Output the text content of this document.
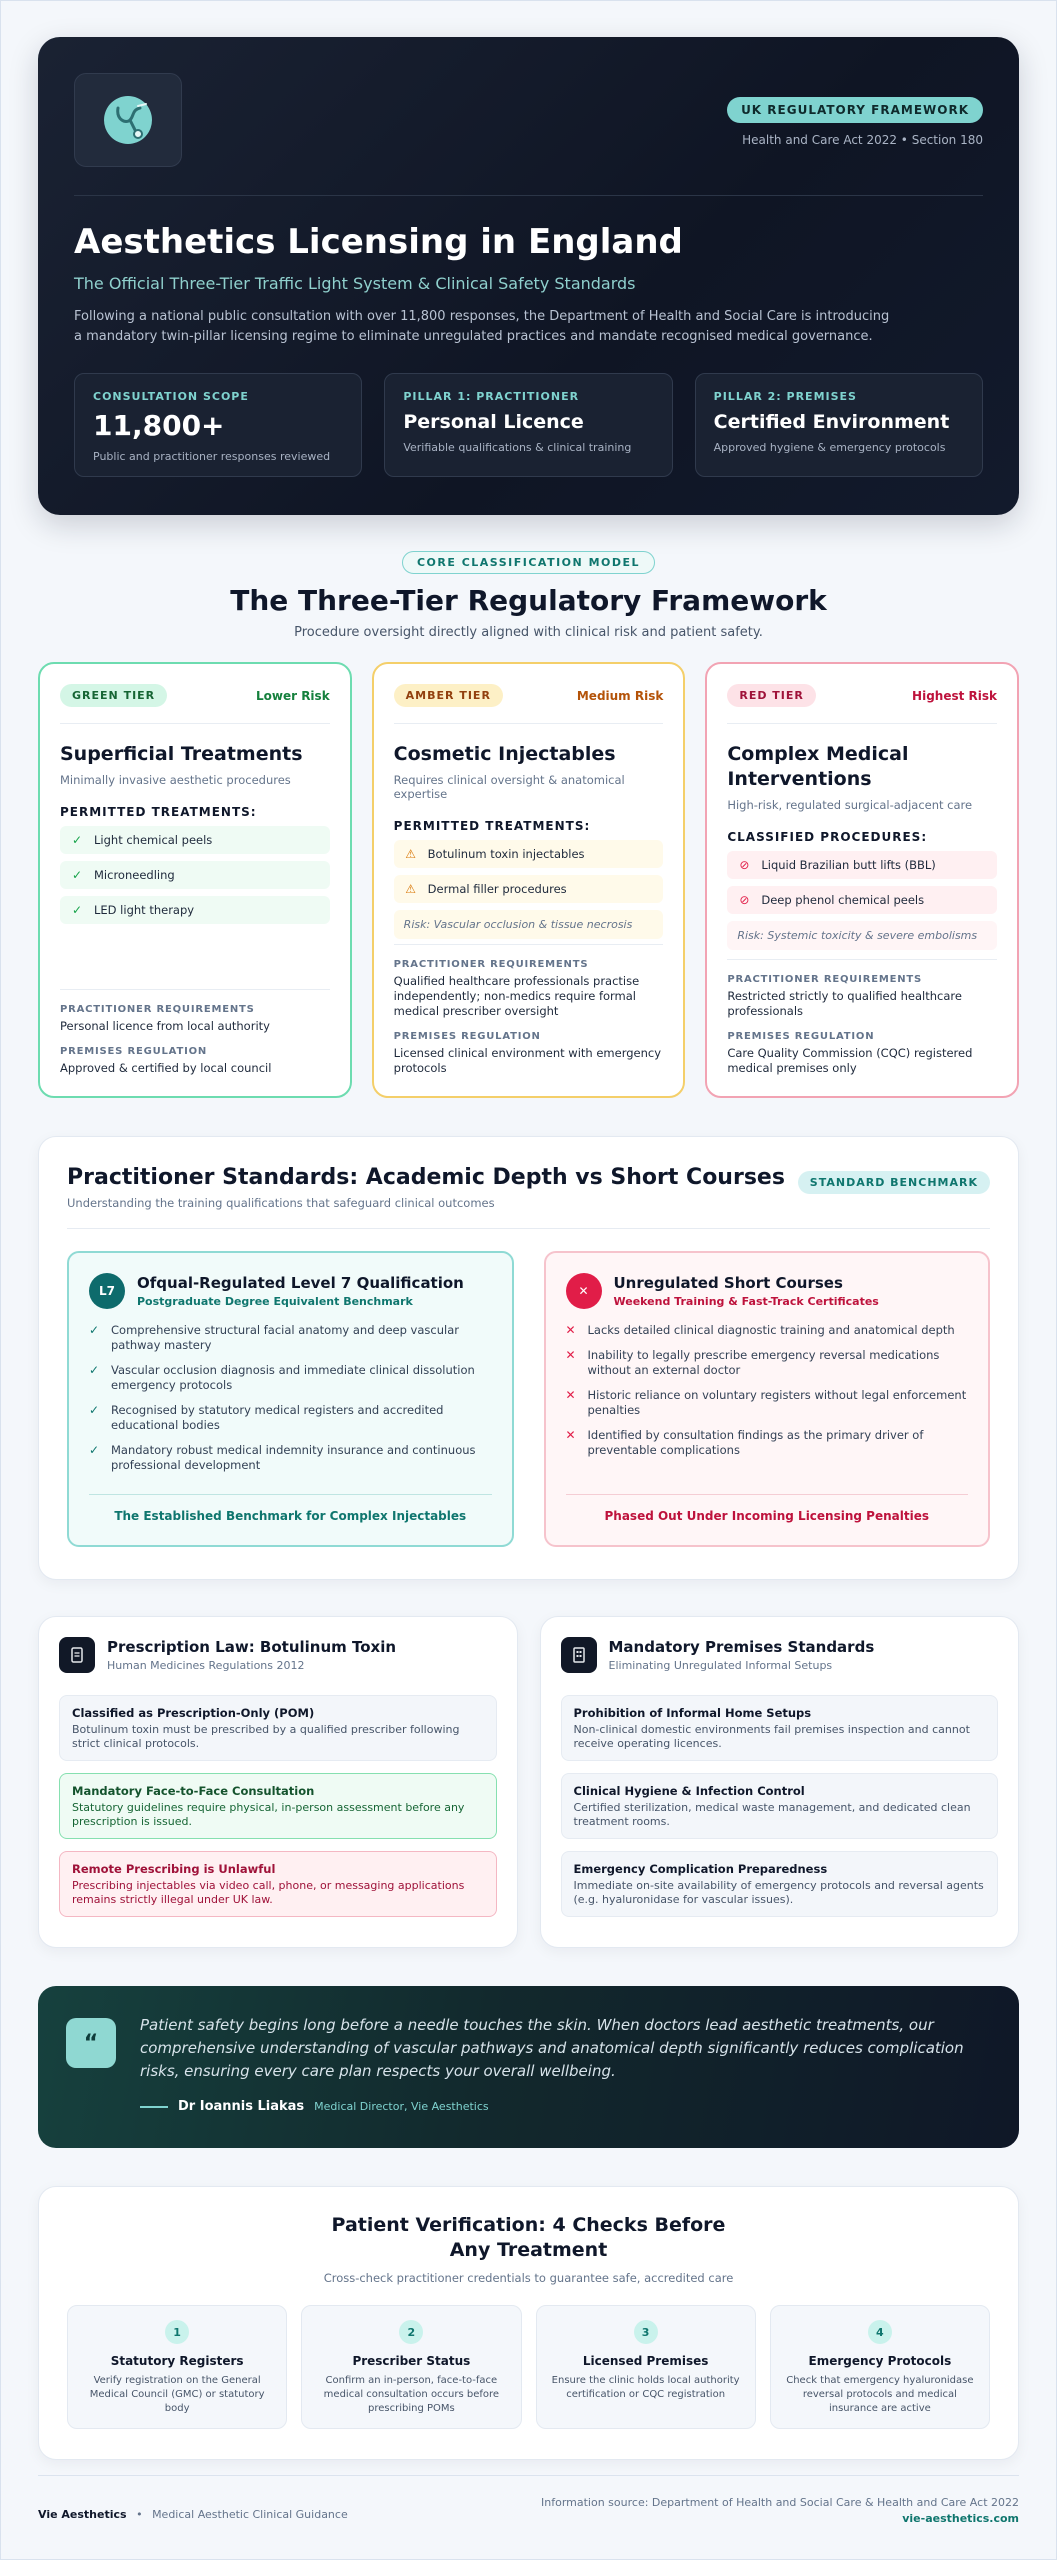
UK REGULATORY FRAMEWORK
Health and Care Act 2022 • Section 180
Aesthetics Licensing in England
The Official Three-Tier Traffic Light System & Clinical Safety Standards
Following a national public consultation with over 11,800 responses, the Department of Health and Social Care is introducing a mandatory twin-pillar licensing regime to eliminate unregulated practices and mandate recognised medical governance.
CONSULTATION SCOPE
11,800+
Public and practitioner responses reviewed
PILLAR 1: PRACTITIONER
Personal Licence
Verifiable qualifications & clinical training
PILLAR 2: PREMISES
Certified Environment
Approved hygiene & emergency protocols
CORE CLASSIFICATION MODEL
The Three-Tier Regulatory Framework

Procedure oversight directly aligned with clinical risk and patient safety.

GREEN TIER	Lower Risk
Superficial Treatments
Minimally invasive aesthetic procedures
PERMITTED TREATMENTS:
✓ Light chemical peels
✓ Microneedling
✓ LED light therapy
PRACTITIONER REQUIREMENTS
Personal licence from local authority
PREMISES REGULATION
Approved & certified by local council
AMBER TIER	Medium Risk
Cosmetic Injectables
Requires clinical oversight & anatomical expertise
PERMITTED TREATMENTS:
⚠ Botulinum toxin injectables
⚠ Dermal filler procedures
Risk: Vascular occlusion & tissue necrosis
PRACTITIONER REQUIREMENTS
Qualified healthcare professionals practise independently; non-medics require formal medical prescriber oversight
PREMISES REGULATION
Licensed clinical environment with emergency protocols
RED TIER	Highest Risk
Complex Medical Interventions
High-risk, regulated surgical-adjacent care
CLASSIFIED PROCEDURES:
⊘ Liquid Brazilian butt lifts (BBL)
⊘ Deep phenol chemical peels
Risk: Systemic toxicity & severe embolisms
PRACTITIONER REQUIREMENTS
Restricted strictly to qualified healthcare professionals
PREMISES REGULATION
Care Quality Commission (CQC) registered medical premises only
Practitioner Standards: Academic Depth vs Short Courses

Understanding the training qualifications that safeguard clinical outcomes

STANDARD BENCHMARK
L7	Ofqual-Regulated Level 7 Qualification
Postgraduate Degree Equivalent Benchmark
✓	Comprehensive structural facial anatomy and deep vascular pathway mastery
✓	Vascular occlusion diagnosis and immediate clinical dissolution emergency protocols
✓	Recognised by statutory medical registers and accredited educational bodies
✓	Mandatory robust medical indemnity insurance and continuous professional development
The Established Benchmark for Complex Injectables
✕	Unregulated Short Courses
Weekend Training & Fast-Track Certificates
✕	Lacks detailed clinical diagnostic training and anatomical depth
✕	Inability to legally prescribe emergency reversal medications without an external doctor
✕	Historic reliance on voluntary registers without legal enforcement penalties
✕	Identified by consultation findings as the primary driver of preventable complications
Phased Out Under Incoming Licensing Penalties
Prescription Law: Botulinum Toxin

Human Medicines Regulations 2012

Classified as Prescription-Only (POM)
Botulinum toxin must be prescribed by a qualified prescriber following strict clinical protocols.
Mandatory Face-to-Face Consultation
Statutory guidelines require physical, in-person assessment before any prescription is issued.
Remote Prescribing is Unlawful
Prescribing injectables via video call, phone, or messaging applications remains strictly illegal under UK law.
Mandatory Premises Standards

Eliminating Unregulated Informal Setups

Prohibition of Informal Home Setups
Non-clinical domestic environments fail premises inspection and cannot receive operating licences.
Clinical Hygiene & Infection Control
Certified sterilization, medical waste management, and dedicated clean treatment rooms.
Emergency Complication Preparedness
Immediate on-site availability of emergency protocols and reversal agents (e.g. hyaluronidase for vascular issues).
“
Patient safety begins long before a needle touches the skin. When doctors lead aesthetic treatments, our comprehensive understanding of vascular pathways and anatomical depth significantly reduces complication risks, ensuring every care plan respects your overall wellbeing.
Dr Ioannis Liakas Medical Director, Vie Aesthetics
Patient Verification: 4 Checks Before Any Treatment
Cross-check practitioner credentials to guarantee safe, accredited care
1
Statutory Registers

Verify registration on the General Medical Council (GMC) or statutory body

2
Prescriber Status

Confirm an in-person, face-to-face medical consultation occurs before prescribing POMs

3
Licensed Premises

Ensure the clinic holds local authority certification or CQC registration

4
Emergency Protocols

Check that emergency hyaluronidase reversal protocols and medical insurance are active

Vie Aesthetics • Medical Aesthetic Clinical Guidance
Information source: Department of Health and Social Care & Health and Care Act 2022
vie-aesthetics.com
